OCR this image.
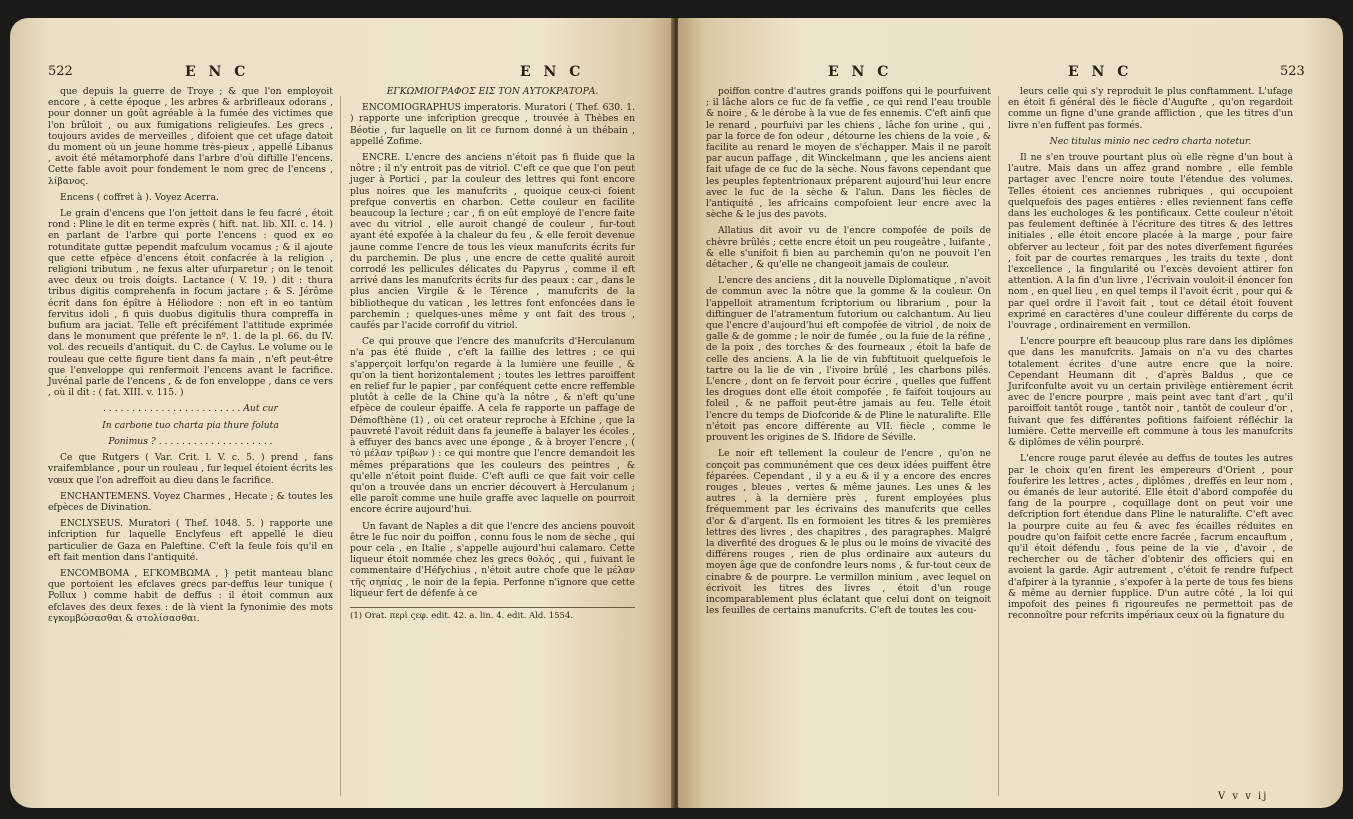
522	E N C	E N C

que depuis la guerre de Troye ; & que l'on employoit encore , à cette époque , les arbres & arbrifleaux odorans , pour donner un goût agréable à la fumée des victimes que l'on brûloit , ou aux fumigations religieufes. Les grecs , toujours avides de merveilles , difoient que cet ufage datoit du moment où un jeune homme très-pieux , appellé Libanus , avoit été métamorphofé dans l'arbre d'où diftille l'encens. Cette fable avoit pour fondement le nom grec de l'encens , λίβανος.

Encens ( coffret à ). Voyez Acerra.

Le grain d'encens que l'on jettoit dans le feu facré , étoit rond : Pline le dit en terme exprès ( hift. nat. lib. XII. c. 14. ) en parlant de l'arbre qui porte l'encens : quod ex eo rotunditate guttæ pependit mafculum vocamus ; & il ajoute que cette efpèce d'encens étoit confacrée à la religion , religioni tributum , ne fexus alter ufurparetur ; on le tenoit avec deux ou trois doigts. Lactance ( V. 19. ) dit : thura tribus digitis comprehenfa in focum jactare ; & S. Jérôme écrit dans fon épître à Héliodore : non eft in eo tantùm fervitus idoli , fi quis duobus digitulis thura compreffa in bufium ara jaciat. Telle eft précifément l'attitude exprimée dans le monument que préfente le nº. 1. de la pl. 66. du IV. vol. des recueils d'antiquit. du C. de Caylus. Le volume ou le rouleau que cette figure tient dans fa main , n'eft peut-être que l'enveloppe qui renfermoit l'encens avant le facrifice. Juvénal parle de l'encens , & de fon enveloppe , dans ce vers , où il dit : ( fat. XIII. v. 115. )

. . . . . . . . . . . . . . . . . . . . . . . . Aut cur

In carbone tuo charta pia thure foluta

Ponimus ? . . . . . . . . . . . . . . . . . . . .

Ce que Rutgers ( Var. Crit. l. V. c. 5. ) prend , fans vraifemblance , pour un rouleau , fur lequel étoient écrits les vœux que l'on adreffoit au dieu dans le facrifice.

ENCHANTEMENS. Voyez Charmes , Hecate ; & toutes les efpèces de Divination.

ENCLYSEUS. Muratori ( Thef. 1048. 5. ) rapporte une infcription fur laquelle Enclyfeus eft appellé le dieu particulier de Gaza en Paleftine. C'eft la feule fois qu'il en eft fait mention dans l'antiquité.

ENCOMBOMA , ΕΓΚΟΜΒΩΜΑ , } petit manteau blanc que portoient les efclaves grecs par-deffus leur tunique ( Pollux ) comme habit de deffus : il étoit commun aux efclaves des deux fexes : de là vient la fynonimie des mots εγκομβώσασθαι & στολίσασθαι.

ΕΓΚΩΜΙΟΓΡΑΦΟΣ ΕΙΣ ΤΟΝ ΑΥΤΟΚΡΑΤΟΡΑ.

ENCOMIOGRAPHUS imperatoris. Muratori ( Thef. 630. 1. ) rapporte une infcription grecque , trouvée à Thèbes en Béotie , fur laquelle on lit ce furnom donné à un thébain , appellé Zofime.

ENCRE. L'encre des anciens n'étoit pas fi fluide que la nôtre ; il n'y entroit pas de vitriol. C'eft ce que que l'on peut juger à Portici , par la couleur des lettres qui font encore plus noires que les manufcrits , quoique ceux-ci foient prefque convertis en charbon. Cette couleur en facilite beaucoup la lecture ; car , fi on eût employé de l'encre faite avec du vitriol , elle auroit changé de couleur , fur-tout ayant été expofée à la chaleur du feu , & elle feroit devenue jaune comme l'encre de tous les vieux manufcrits écrits fur du parchemin. De plus , une encre de cette qualité auroit corrodé les pellicules délicates du Papyrus , comme il eft arrivé dans les manufcrits écrits fur des peaux : car , dans le plus ancien Virgile & le Térence , manufcrits de la bibliotheque du vatican , les lettres font enfoncées dans le parchemin ; quelques-unes même y ont fait des trous , caufés par l'acide corrofif du vitriol.

Ce qui prouve que l'encre des manufcrits d'Herculanum n'a pas été fluide , c'eft la faillie des lettres ; ce qui s'apperçoit lorfqu'on regarde à la lumière une feuille , & qu'on la tient horizontalement ; toutes les lettres paroiffent en relief fur le papier , par conféquent cette encre reffemble plutôt à celle de la Chine qu'à la nôtre , & n'eft qu'une efpèce de couleur épaiffe. A cela fe rapporte un paffage de Démofthène (1) , où cet orateur reproche à Efchine , que la pauvreté l'avoit réduit dans fa jeuneffe à balayer les écoles , à effuyer des bancs avec une éponge , & à broyer l'encre , ( τὸ μέλαν τρίβων ) : ce qui montre que l'encre demandoit les mêmes préparations que les couleurs des peintres , & qu'elle n'étoit point fluide. C'eft aufli ce que fait voir celle qu'on a trouvée dans un encrier découvert à Herculanum ; elle paroît comme une huile graffe avec laquelle on pourroit encore écrire aujourd'hui.

Un favant de Naples a dit que l'encre des anciens pouvoit être le fuc noir du poiffon , connu fous le nom de sèche , qui pour cela , en Italie , s'appelle aujourd'hui calamaro. Cette liqueur étoit nommée chez les grecs θολός , qui , fuivant le commentaire d'Héfychius , n'étoit autre chofe que le μέλαν τῆς σηπίας , le noir de la fepia. Perfonne n'ignore que cette liqueur fert de défenfe à ce

(1) Orat. περὶ ςεφ. edit. 42. a. lin. 4. edit. Ald. 1554.

E N C	E N C	523

poiffon contre d'autres grands poiffons qui le pourfuivent ; il lâche alors ce fuc de fa veffie , ce qui rend l'eau trouble & noire , & le dérobe à la vue de fes ennemis. C'eft ainfi que le renard , pourfuivi par les chiens , lâche fon urine , qui , par la force de fon odeur , détourne les chiens de la voie , & facilite au renard le moyen de s'échapper. Mais il ne paroît par aucun paffage , dit Winckelmann , que les anciens aient fait ufage de ce fuc de la sèche. Nous favons cependant que les peuples feptentrionaux préparent aujourd'hui leur encre avec le fuc de la sèche & l'alun. Dans les fiècles de l'antiquité , les africains compofoient leur encre avec la sèche & le jus des pavots.

Allatius dit avoir vu de l'encre compofée de poils de chèvre brûlés ; cette encre étoit un peu rougeâtre , luifante , & elle s'unifoit fi bien au parchemin qu'on ne pouvoit l'en détacher , & qu'elle ne changeoit jamais de couleur.

L'encre des anciens , dit la nouvelle Diplomatique , n'avoit de commun avec la nôtre que la gomme & la couleur. On l'appelloit atramentum fcriptorium ou librarium , pour la diftinguer de l'atramentum futorium ou calchantum. Au lieu que l'encre d'aujourd'hui eft compofée de vitriol , de noix de galle & de gomme ; le noir de fumée , ou la fuie de la réfine , de la poix , des torches & des fourneaux , étoit la bafe de celle des anciens. A la lie de vin fubftituoit quelquefois le tartre ou la lie de vin , l'ivoire brûlé , les charbons pilés. L'encre , dont on fe fervoit pour écrire , quelles que fuffent les drogues dont elle étoit compofée , fe faifoit toujours au foleil , & ne paffoit peut-être jamais au feu. Telle étoit l'encre du temps de Diofcoride & de Pline le naturalifte. Elle n'étoit pas encore différente au VII. fiècle , comme le prouvent les origines de S. Ifidore de Séville.

Le noir eft tellement la couleur de l'encre , qu'on ne conçoit pas communément que ces deux idées puiffent être féparées. Cependant , il y a eu & il y a encore des encres rouges , bleues , vertes & même jaunes. Les unes & les autres , à la dernière près , furent employées plus fréquemment par les écrivains des manufcrits que celles d'or & d'argent. Ils en formoient les titres & les premières lettres des livres , des chapitres , des paragraphes. Malgré la diverfité des drogues & le plus ou le moins de vivacité des différens rouges , rien de plus ordinaire aux auteurs du moyen âge que de confondre leurs noms , & fur-tout ceux de cinabre & de pourpre. Le vermillon minium , avec lequel on écrivoit les titres des livres , étoit d'un rouge incomparablement plus éclatant que celui dont on teignoit les feuilles de certains manufcrits. C'eft de toutes les cou-

leurs celle qui s'y reproduit le plus conftamment. L'ufage en étoit fi général dès le fiècle d'Augufte , qu'on regardoit comme un figne d'une grande affliction , que les titres d'un livre n'en fuffent pas formés.

Nec titulus minio nec cedro charta notetur.

Il ne s'en trouve pourtant plus où elle règne d'un bout à l'autre. Mais dans un affez grand nombre , elle femble partager avec l'encre noire toute l'étendue des volumes. Telles étoient ces anciennes rubriques , qui occupoient quelquefois des pages entières : elles reviennent fans ceffe dans les euchologes & les pontificaux. Cette couleur n'étoit pas feulement deftinée à l'écriture des titres & des lettres initiales , elle étoit encore placée à la marge , pour faire obferver au lecteur , foit par des notes diverfement figurées , foit par de courtes remarques , les traits du texte , dont l'excellence , la fingularité ou l'excès devoient attirer fon attention. A la fin d'un livre , l'écrivain vouloit-il énoncer fon nom , en quel lieu , en quel temps il l'avoit écrit , pour qui & par quel ordre il l'avoit fait , tout ce détail étoit fouvent exprimé en caractères d'une couleur différente du corps de l'ouvrage , ordinairement en vermillon.

L'encre pourpre eft beaucoup plus rare dans les diplômes que dans les manufcrits. Jamais on n'a vu des chartes totalement écrites d'une autre encre que la noire. Cependant Heumann dit , d'après Baldus , que ce Jurifconfulte avoit vu un certain privilège entièrement écrit avec de l'encre pourpre , mais peint avec tant d'art , qu'il paroiffoit tantôt rouge , tantôt noir , tantôt de couleur d'or , fuivant que fes différentes pofitions faifoient réfléchir la lumière. Cette merveille eft commune à tous les manufcrits & diplômes de vélin pourpré.

L'encre rouge parut élevée au deffus de toutes les autres par le choix qu'en firent les empereurs d'Orient , pour fouferire les lettres , actes , diplômes , dreffés en leur nom , ou émanés de leur autorité. Elle étoit d'abord compofée du fang de la pourpre , coquillage dont on peut voir une defcription fort étendue dans Pline le naturalifte. C'eft avec la pourpre cuite au feu & avec fes écailles réduites en poudre qu'on faifoit cette encre facrée , facrum encauftum , qu'il étoit défendu , fous peine de la vie , d'avoir , de rechercher ou de tâcher d'obtenir des officiers qui en avoient la garde. Agir autrement , c'étoit fe rendre fufpect d'afpirer à la tyrannie , s'expofer à la perte de tous fes biens & même au dernier fupplice. D'un autre côté , la loi qui impofoit des peines fi rigoureufes ne permettoit pas de reconnoître pour refcrits impériaux ceux où la fignature du

V v v ij
